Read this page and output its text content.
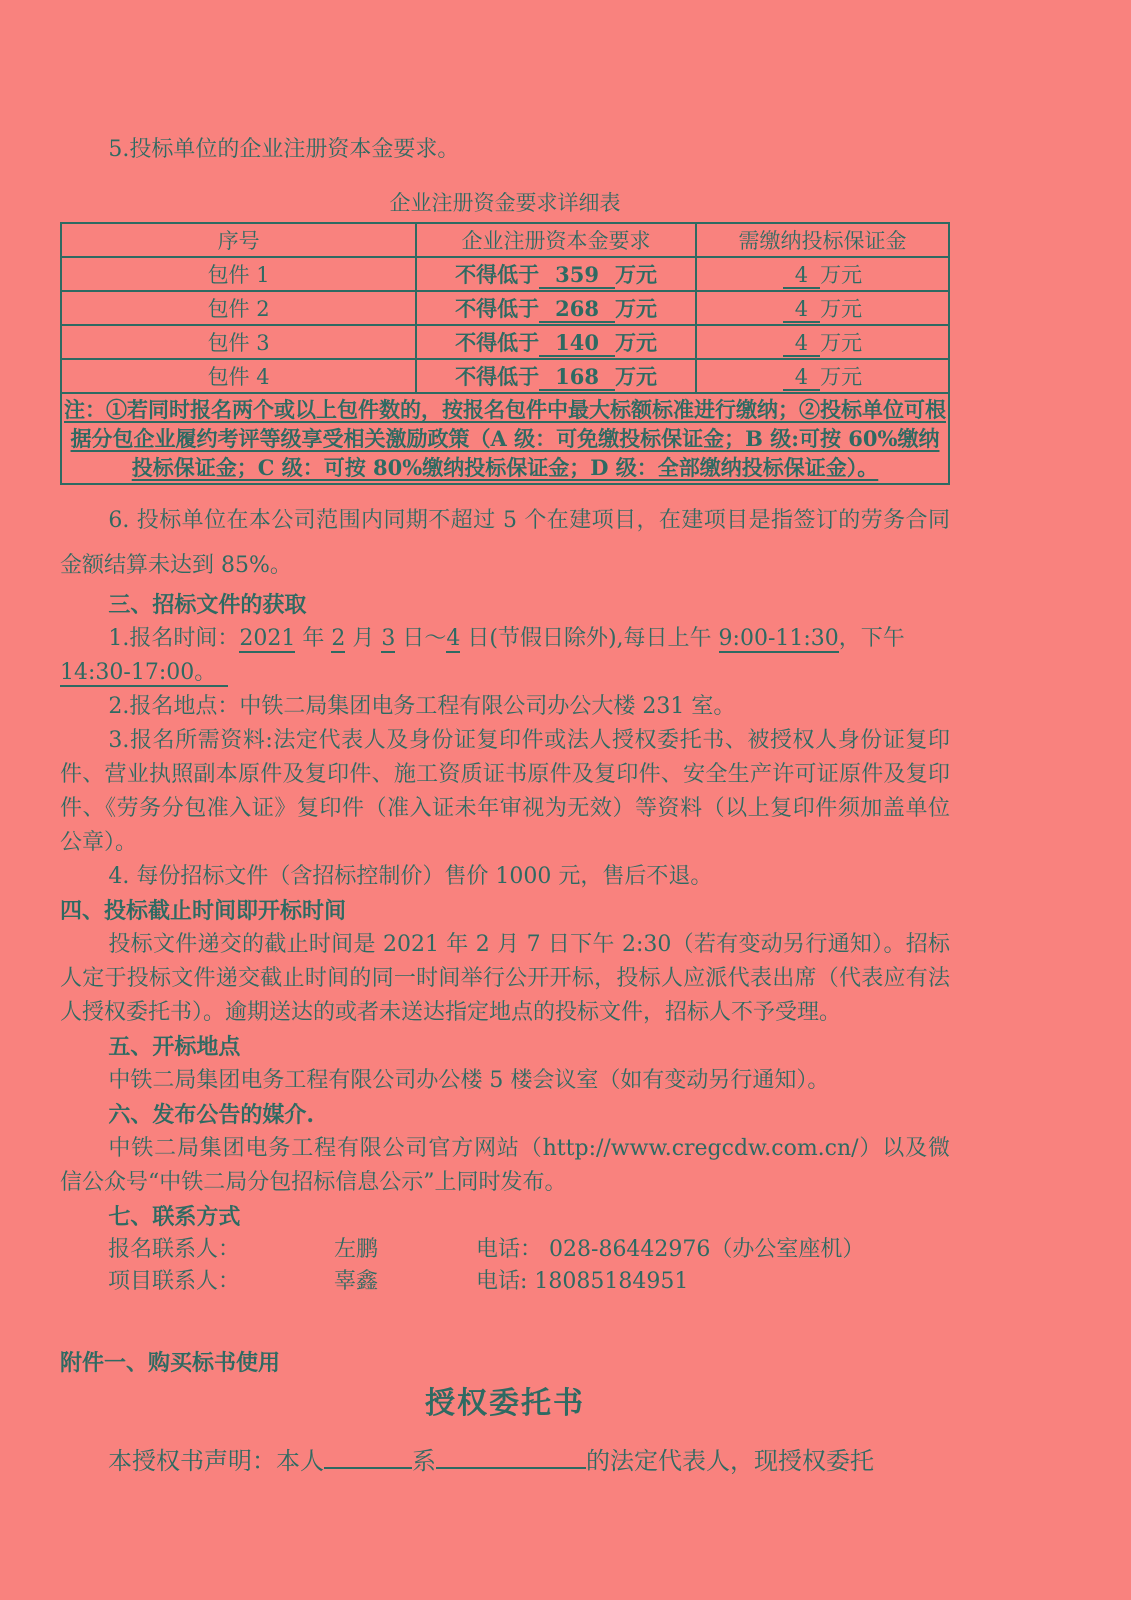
5.投标单位的企业注册资本金要求。

企业注册资金要求详细表

序号	企业注册资本金要求	需缴纳投标保证金
包件 1	不得低于 359 万元	4 万元
包件 2	不得低于 268 万元	4 万元
包件 3	不得低于 140 万元	4 万元
包件 4	不得低于 168 万元	4 万元
注：①若同时报名两个或以上包件数的，按报名包件中最大标额标准进行缴纳；②投标单位可根据分包企业履约考评等级享受相关激励政策（A 级：可免缴投标保证金；B 级:可按 60%缴纳投标保证金；C 级：可按 80%缴纳投标保证金；D 级：全部缴纳投标保证金）。		

6. 投标单位在本公司范围内同期不超过 5 个在建项目，在建项目是指签订的劳务合同金额结算未达到 85%。

三、招标文件的获取

1.报名时间：2021 年 2 月 3 日～4 日(节假日除外),每日上午 9:00-11:30，下午
14:30-17:00。

2.报名地点：中铁二局集团电务工程有限公司办公大楼 231 室。

3.报名所需资料:法定代表人及身份证复印件或法人授权委托书、被授权人身份证复印件、营业执照副本原件及复印件、施工资质证书原件及复印件、安全生产许可证原件及复印件、《劳务分包准入证》复印件（准入证未年审视为无效）等资料（以上复印件须加盖单位公章）。

4. 每份招标文件（含招标控制价）售价 1000 元，售后不退。

四、投标截止时间即开标时间

投标文件递交的截止时间是 2021 年 2 月 7 日下午 2:30（若有变动另行通知）。招标人定于投标文件递交截止时间的同一时间举行公开开标，投标人应派代表出席（代表应有法人授权委托书）。逾期送达的或者未送达指定地点的投标文件，招标人不予受理。

五、开标地点

中铁二局集团电务工程有限公司办公楼 5 楼会议室（如有变动另行通知）。

六、发布公告的媒介.

中铁二局集团电务工程有限公司官方网站（http://www.cregcdw.com.cn/）以及微信公众号“中铁二局分包招标信息公示”上同时发布。

七、联系方式

报名联系人：	左鹏	电话： 028-86442976（办公室座机）

项目联系人：	辜鑫	电话: 18085184951

附件一、购买标书使用

授权委托书

本授权书声明：本人	系	的法定代表人，现授权委托
